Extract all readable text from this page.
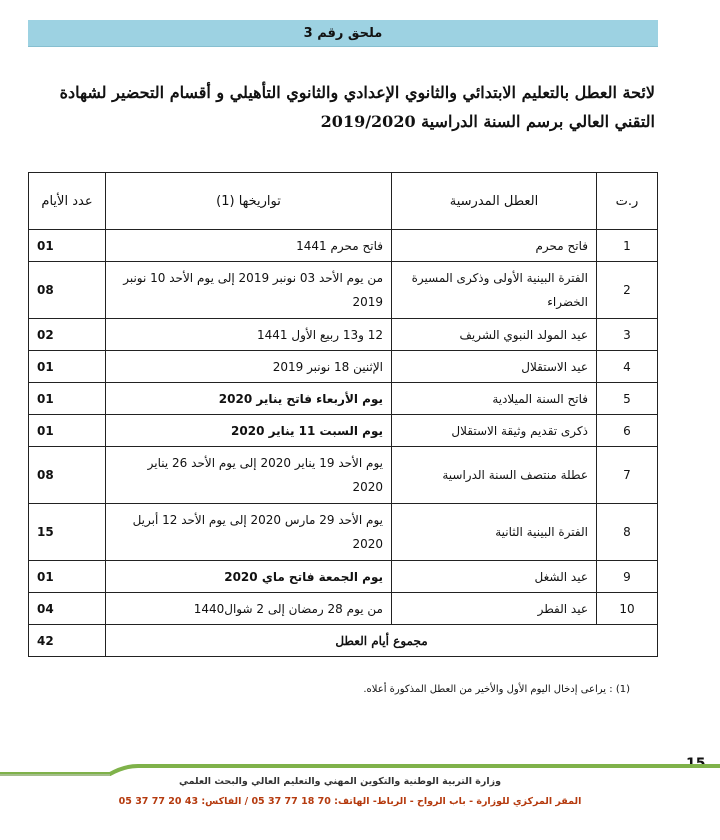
ملحق رقم 3
لائحة العطل بالتعليم الابتدائي والثانوي الإعدادي والثانوي التأهيلي و أقسام التحضير لشهادة التقني العالي برسم السنة الدراسية 2019/2020
ر.ت	العطل المدرسية	تواريخها (1)	عدد الأيام
1	فاتح محرم	فاتح محرم 1441	01
2	الفترة البينية الأولى وذكرى المسيرة الخضراء	من يوم الأحد 03 نونبر 2019 إلى يوم الأحد 10 نونبر 2019	08
3	عيد المولد النبوي الشريف	12 و13 ربيع الأول 1441	02
4	عيد الاستقلال	الإثنين 18 نونبر 2019	01
5	فاتح السنة الميلادية	يوم الأربعاء فاتح يناير 2020	01
6	ذكرى تقديم وثيقة الاستقلال	يوم السبت 11 يناير 2020	01
7	عطلة منتصف السنة الدراسية	يوم الأحد 19 يناير 2020 إلى يوم الأحد 26 يناير 2020	08
8	الفترة البينية الثانية	يوم الأحد 29 مارس 2020 إلى يوم الأحد 12 أبريل 2020	15
9	عيد الشغل	يوم الجمعة فاتح ماي 2020	01
10	عيد الفطر	من يوم 28 رمضان إلى 2 شوال1440	04
مجموع أيام العطل			42
(1) : يراعى إدخال اليوم الأول والأخير من العطل المذكورة أعلاه.
15
وزارة التربية الوطنية والتكوين المهني والتعليم العالي والبحث العلمي
المقر المركزي للوزارة - باب الرواح - الرباط- الهاتف: 70 18 77 37 05 / الفاكس: 43 20 77 37 05
